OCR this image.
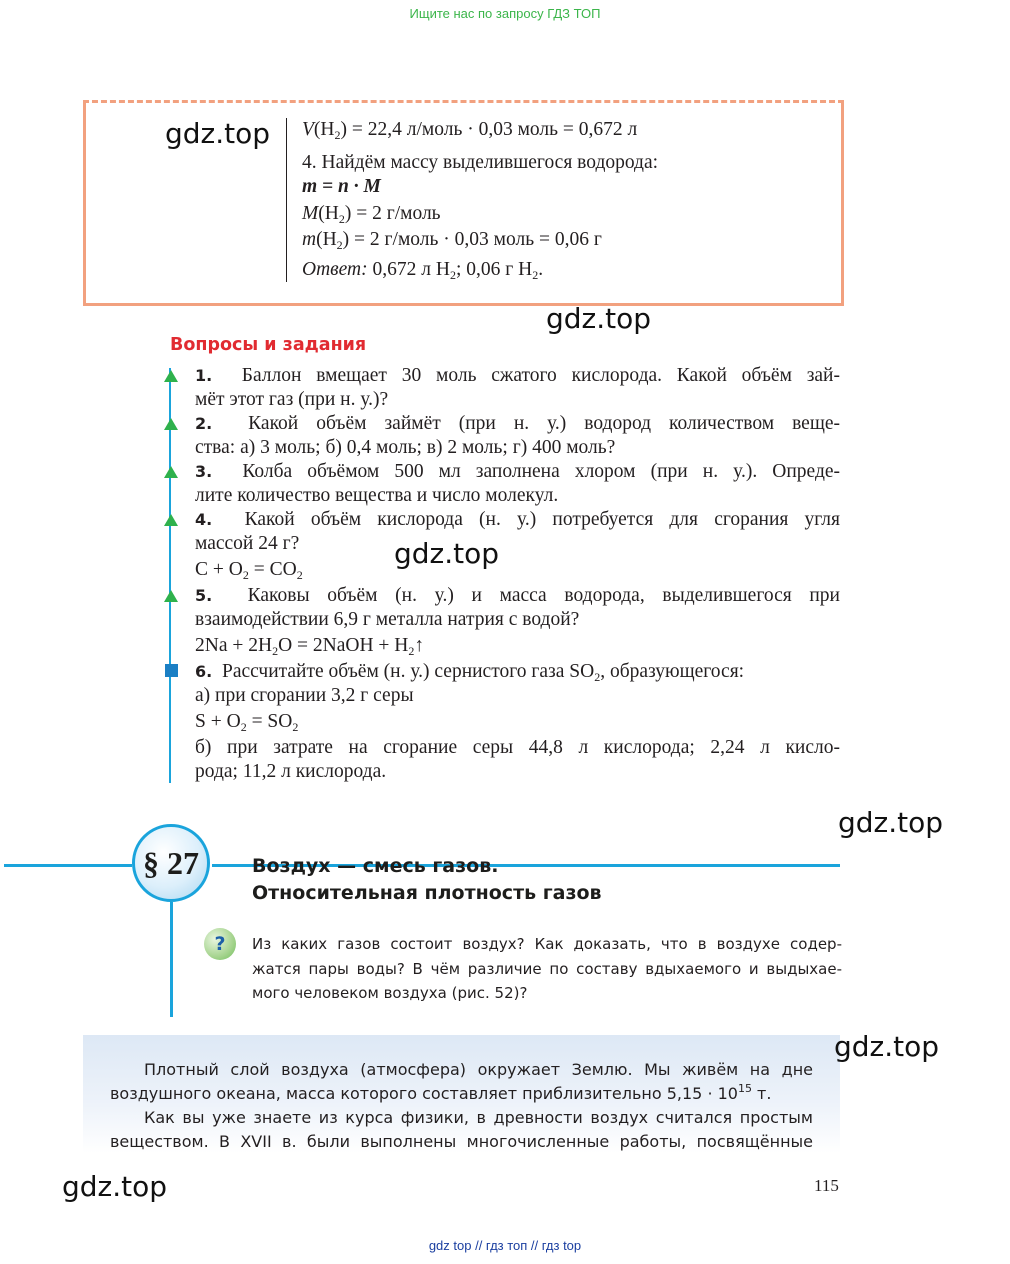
Ищите нас по запросу ГДЗ ТОП
gdz.top $V(H_2) = 22,4$ л/моль · 0,03 моль = 0,672 л
4. Найдём массу выделившегося водорода:
m = n · M
$M(H_2) = 2$ г/моль
$m(H_2) = 2$ г/моль · 0,03 моль = 0,06 г
Ответ: 0,672 л $H_2$; 0,06 г $H_2$.
gdz.top
Вопросы и задания
1. Баллон вмещает 30 моль сжатого кислорода. Какой объём зай-
мёт этот газ (при н. у.)?
2. Какой объём займёт (при н. у.) водород количеством веще-
ства: а) 3 моль; б) 0,4 моль; в) 2 моль; г) 400 моль?
3. Колба объёмом 500 мл заполнена хлором (при н. у.). Опреде-
лите количество вещества и число молекул.
4. Какой объём кислорода (н. у.) потребуется для сгорания угля
массой 24 г?
$C + O_2 = CO_2$
gdz.top
5. Каковы объём (н. у.) и масса водорода, выделившегося при
взаимодействии 6,9 г металла натрия с водой?
$2Na + 2H_2O$ = 2NaOH + $H_2↑$
6. Рассчитайте объём (н. у.) сернистого газа $SO_2$, образующегося:
а) при сгорании 3,2 г серы
$S + O_2 = SO_2$
б) при затрате на сгорание серы 44,8 л кислорода; 2,24 л кисло-
рода; 11,2 л кислорода.
gdz.top
§ 27	Воздух — смесь газов.
Относительная плотность газов
?	Из каких газов состоит воздух? Как доказать, что в воздухе содер-
жатся пары воды? В чём различие по составу вдыхаемого и выдыхае-
мого человеком воздуха (рис. 52)?
gdz.top
Плотный слой воздуха (атмосфера) окружает Землю. Мы живём на дне
воздушного океана, масса которого составляет приблизительно $5,15 \cdot 10^{15}$ т.
Как вы уже знаете из курса физики, в древности воздух считался простым
веществом. В XVII в. были выполнены многочисленные работы, посвящённые
gdz.top	115
gdz top // гдз топ // гдз top
